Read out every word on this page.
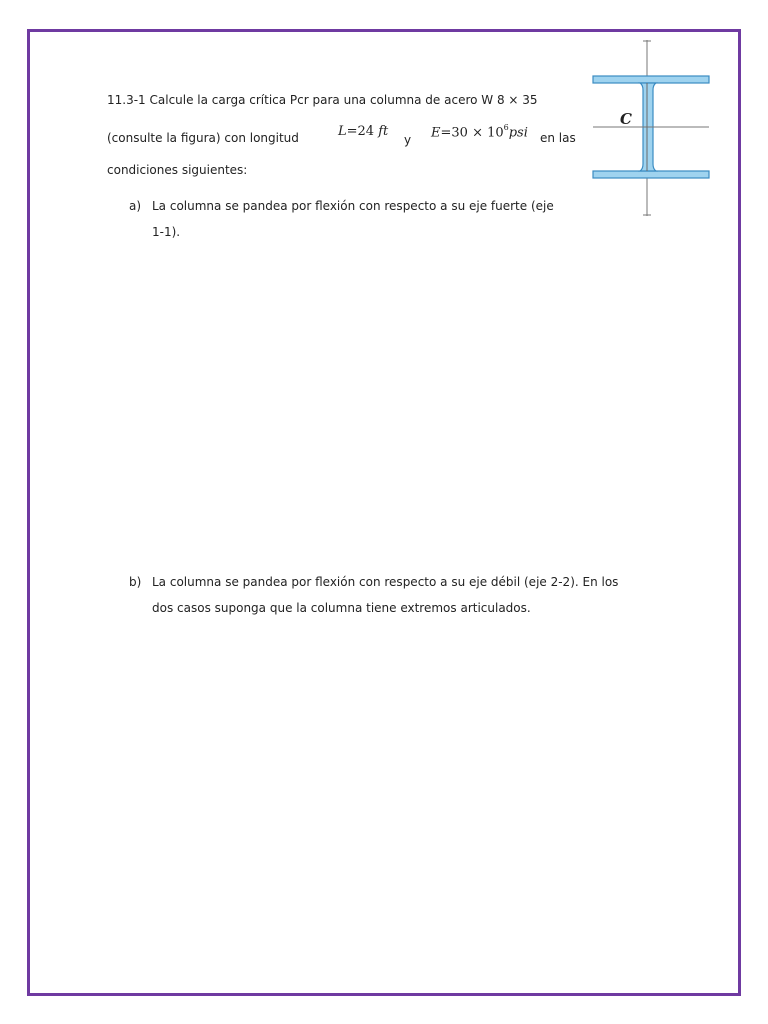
11.3-1 Calcule la carga crítica Pcr para una columna de acero W 8 × 35
(consulte la figura) con longitud	L=24 ft
y $E=30 \times 10^6psi$ en las
condiciones siguientes:
a) La columna se pandea por flexión con respecto a su eje fuerte (eje
1-1).
b) La columna se pandea por flexión con respecto a su eje débil (eje 2-2). En los
dos casos suponga que la columna tiene extremos articulados.
C
